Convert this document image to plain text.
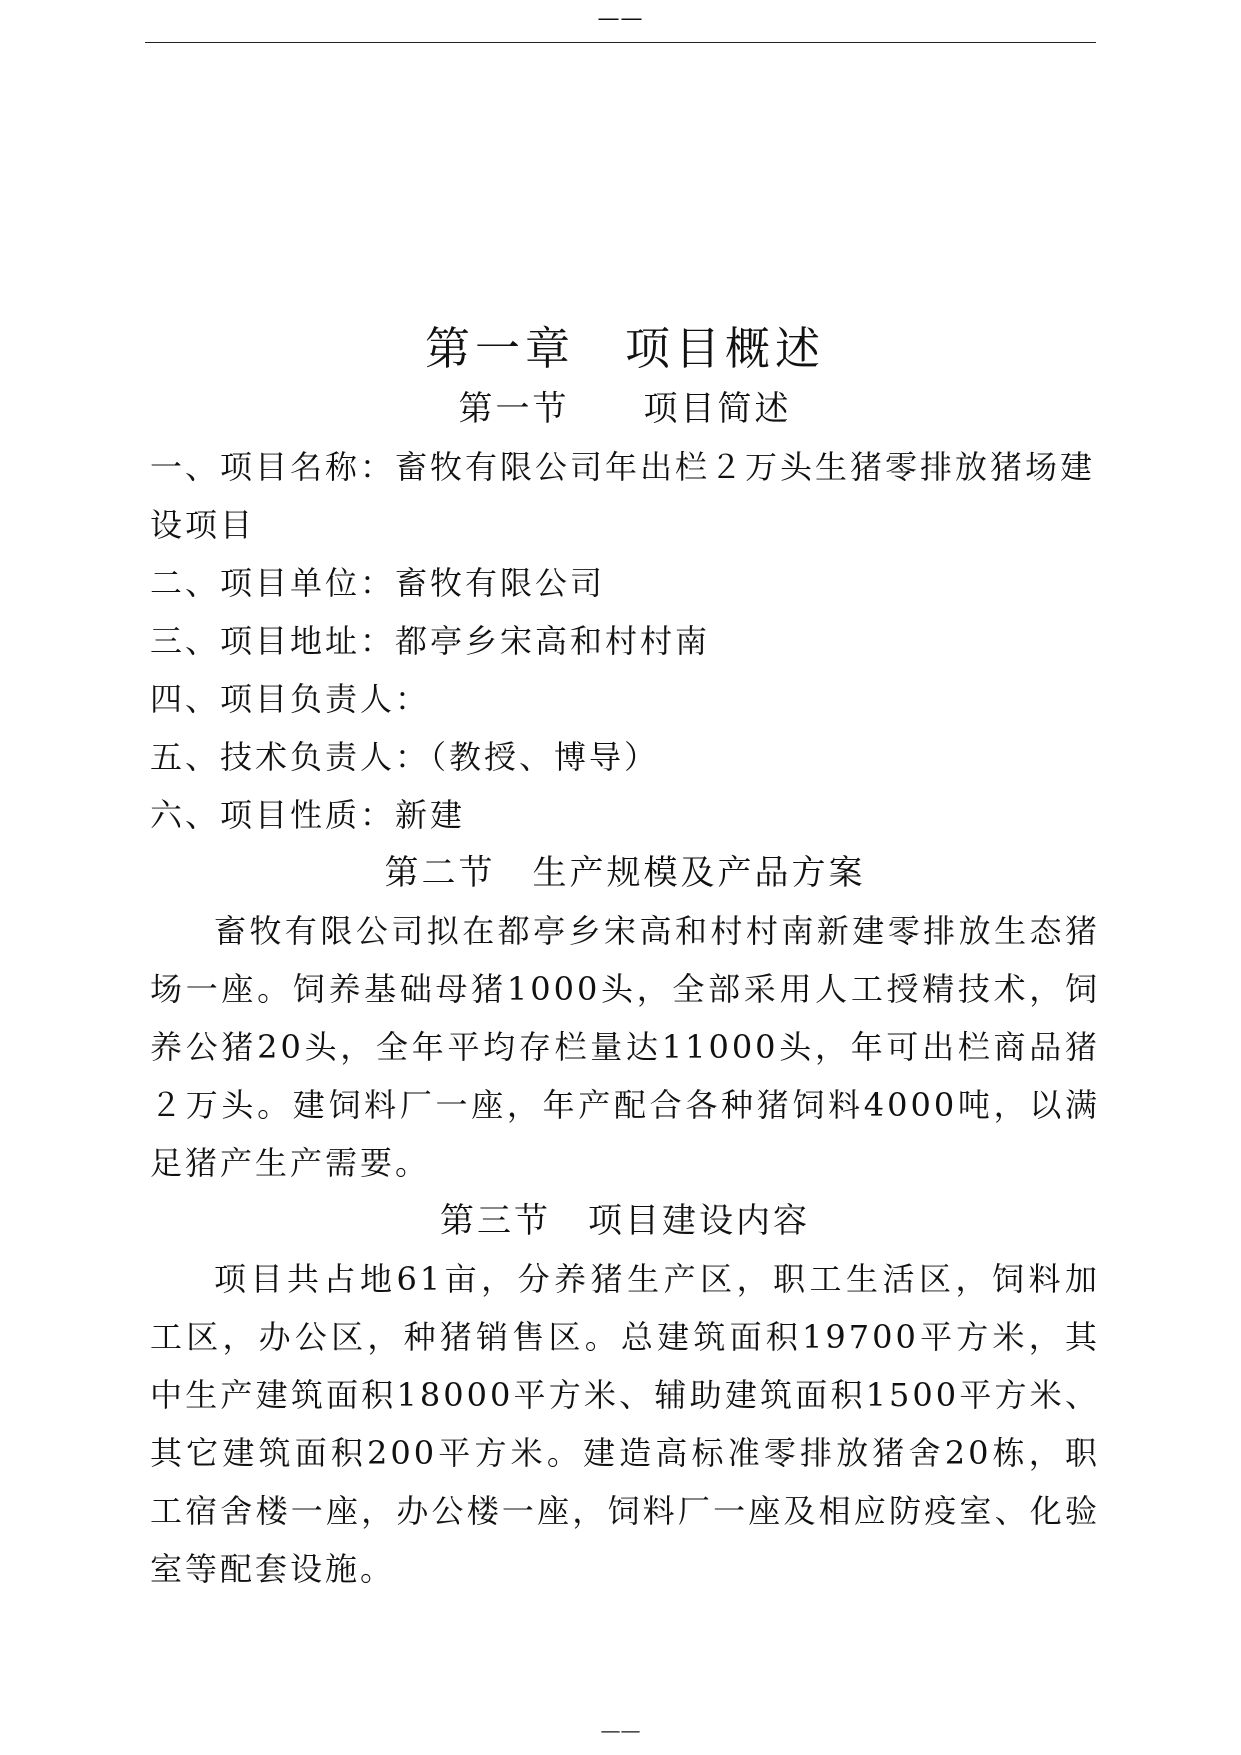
——
第一章　项目概述
第一节　　项目简述

一、项目名称：畜牧有限公司年出栏２万头生猪零排放猪场建设项目

二、项目单位：畜牧有限公司

三、项目地址：都亭乡宋高和村村南

四、项目负责人：

五、技术负责人：（教授、博导）

六、项目性质：新建

第二节　生产规模及产品方案

畜牧有限公司拟在都亭乡宋高和村村南新建零排放生态猪场一座。饲养基础母猪1000头，全部采用人工授精技术，饲养公猪20头，全年平均存栏量达11000头，年可出栏商品猪２万头。建饲料厂一座，年产配合各种猪饲料4000吨，以满足猪产生产需要。

第三节　项目建设内容

项目共占地61亩，分养猪生产区，职工生活区，饲料加工区，办公区，种猪销售区。总建筑面积19700平方米，其中生产建筑面积18000平方米、辅助建筑面积1500平方米、其它建筑面积200平方米。建造高标准零排放猪舍20栋，职工宿舍楼一座，办公楼一座，饲料厂一座及相应防疫室、化验室等配套设施。

——
